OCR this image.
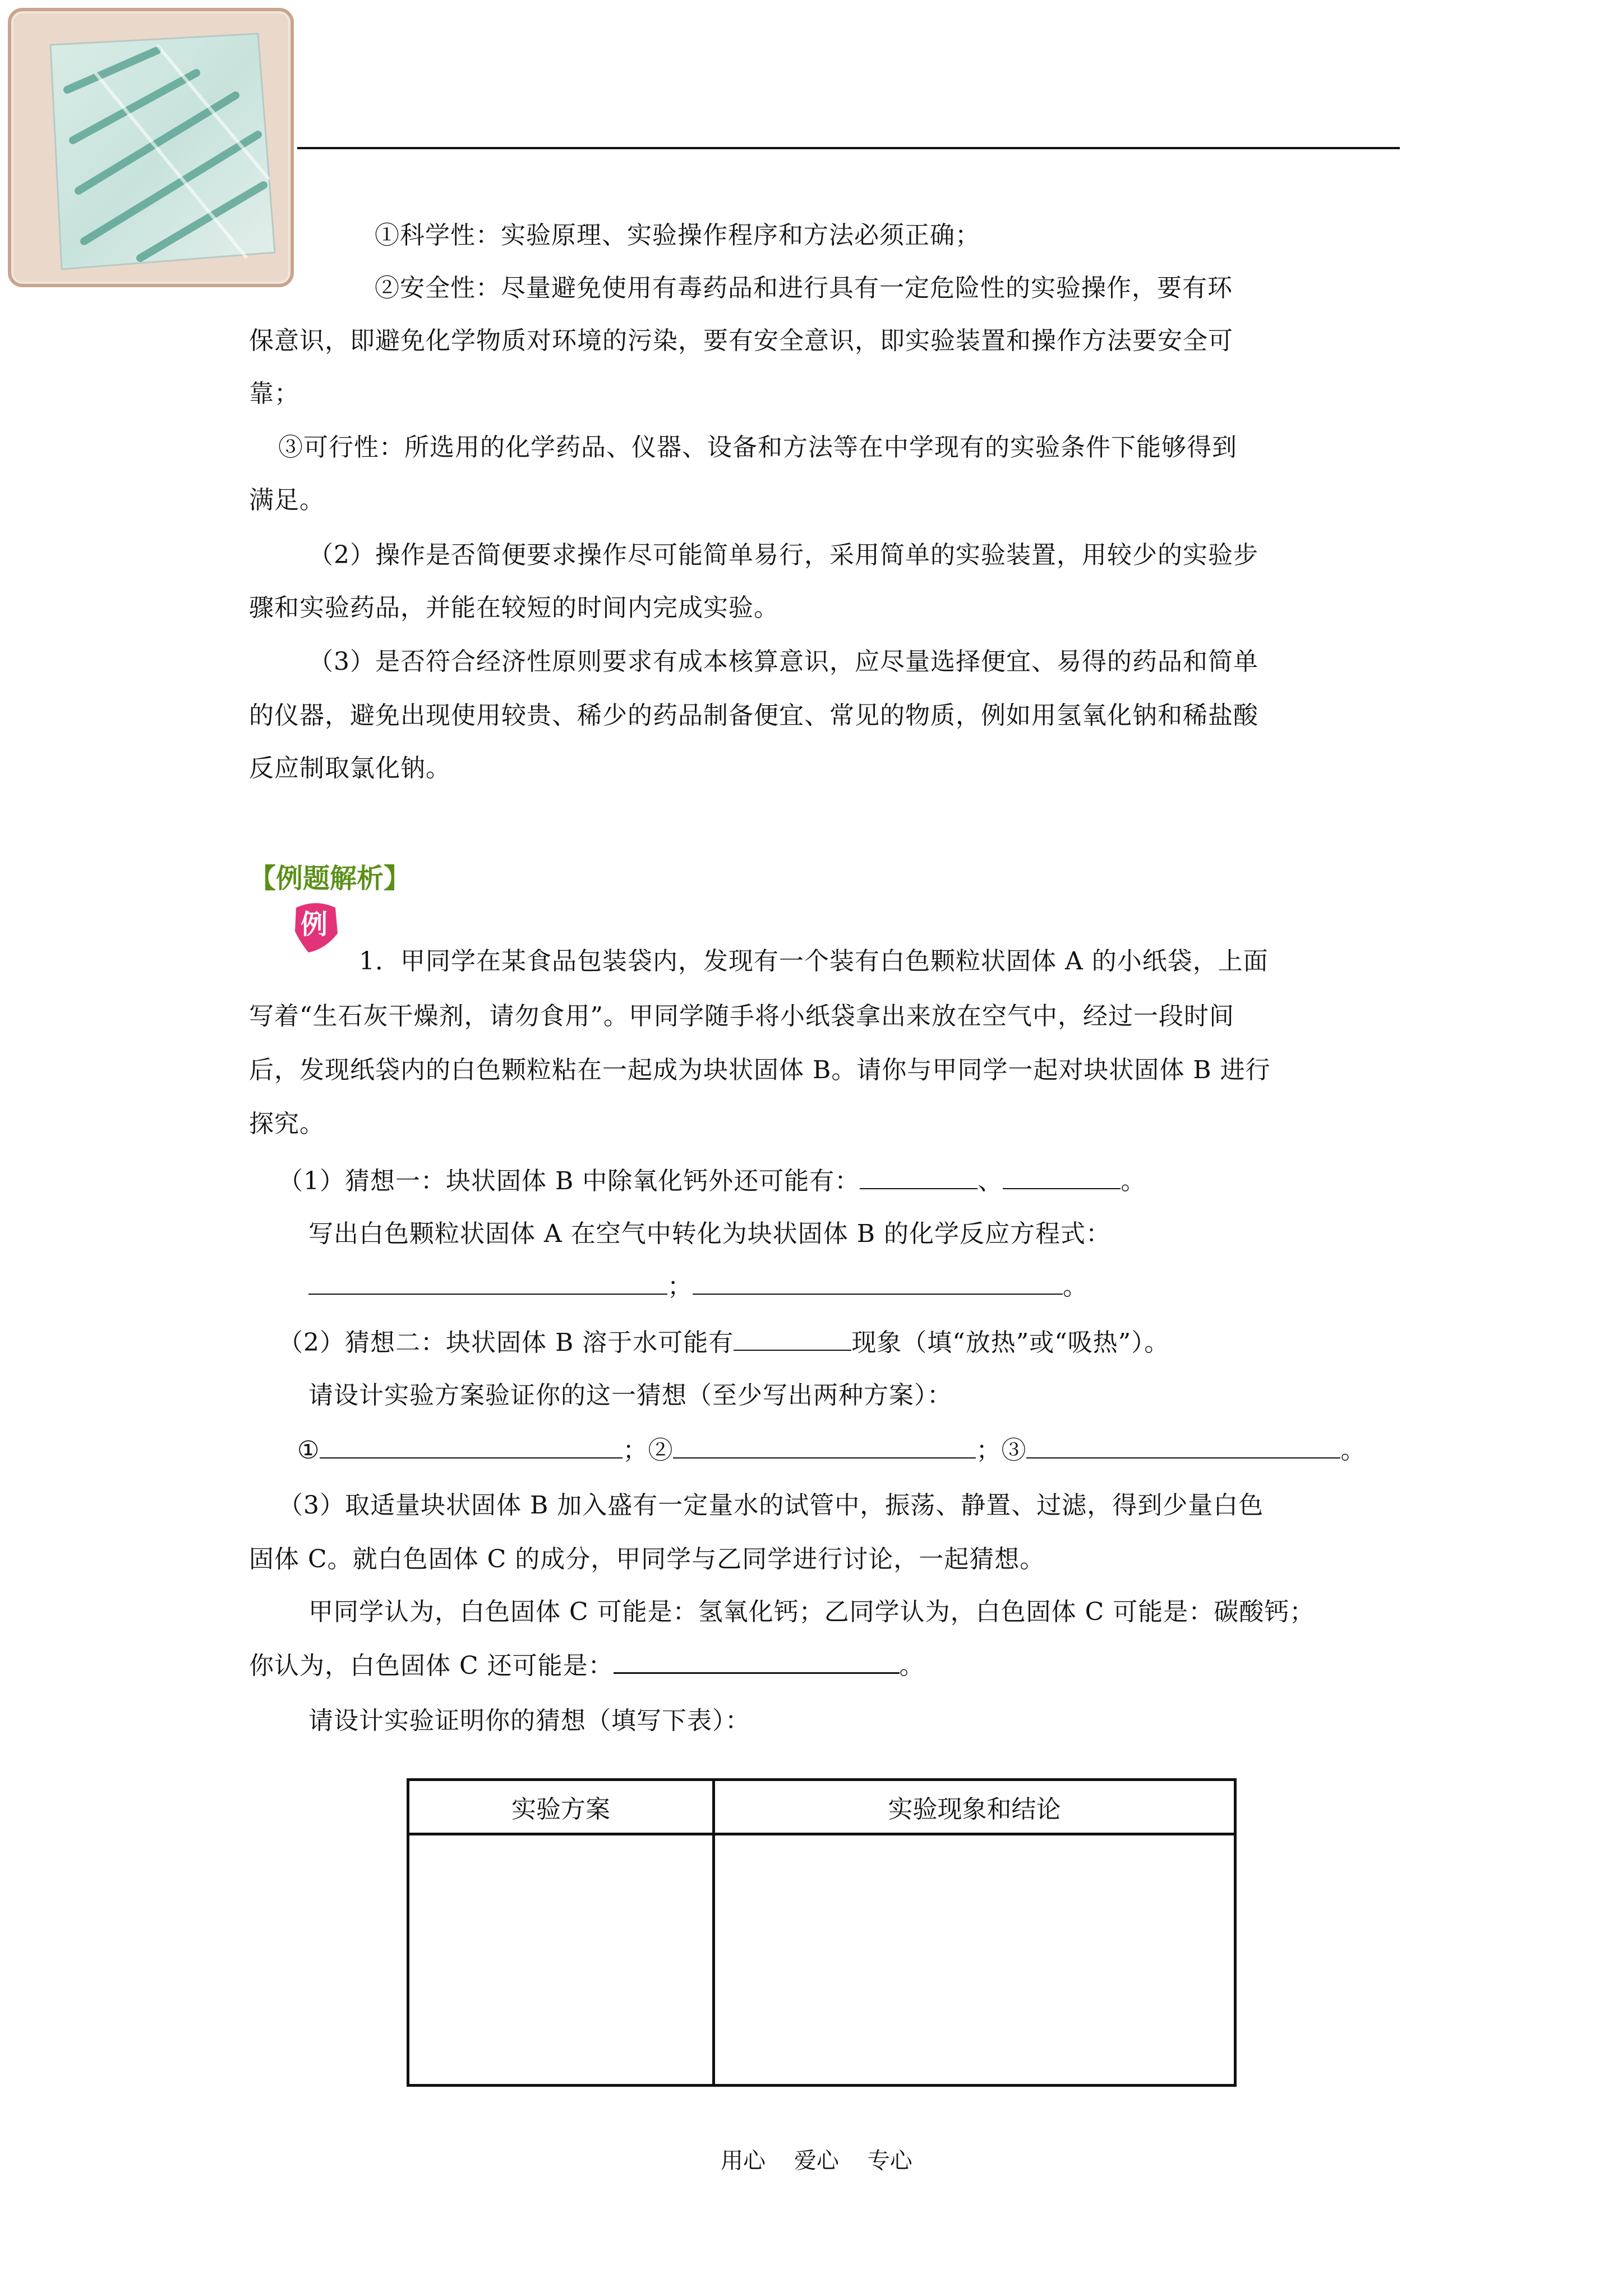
①科学性：实验原理、实验操作程序和方法必须正确；
②安全性：尽量避免使用有毒药品和进行具有一定危险性的实验操作，要有环
保意识，即避免化学物质对环境的污染，要有安全意识，即实验装置和操作方法要安全可
靠；
③可行性：所选用的化学药品、仪器、设备和方法等在中学现有的实验条件下能够得到
满足。
（2）操作是否简便要求操作尽可能简单易行，采用简单的实验装置，用较少的实验步
骤和实验药品，并能在较短的时间内完成实验。
（3）是否符合经济性原则要求有成本核算意识，应尽量选择便宜、易得的药品和简单
的仪器，避免出现使用较贵、稀少的药品制备便宜、常见的物质，例如用氢氧化钠和稀盐酸
反应制取氯化钠。
【例题解析】
例
1．甲同学在某食品包装袋内，发现有一个装有白色颗粒状固体 A 的小纸袋，上面
写着“生石灰干燥剂，请勿食用”。甲同学随手将小纸袋拿出来放在空气中，经过一段时间
后，发现纸袋内的白色颗粒粘在一起成为块状固体 B。请你与甲同学一起对块状固体 B 进行
探究。
（1）猜想一：块状固体 B 中除氧化钙外还可能有：	、	。
写出白色颗粒状固体 A 在空气中转化为块状固体 B 的化学反应方程式：
；	。
（2）猜想二：块状固体 B 溶于水可能有	现象（填“放热”或“吸热”）。
请设计实验方案验证你的这一猜想（至少写出两种方案）：
①	；②	；③	。
（3）取适量块状固体 B 加入盛有一定量水的试管中，振荡、静置、过滤，得到少量白色
固体 C。就白色固体 C 的成分，甲同学与乙同学进行讨论，一起猜想。
甲同学认为，白色固体 C 可能是：氢氧化钙；乙同学认为，白色固体 C 可能是：碳酸钙；
你认为，白色固体 C 还可能是：	。
请设计实验证明你的猜想（填写下表）：
实验方案	实验现象和结论

用心    爱心    专心
